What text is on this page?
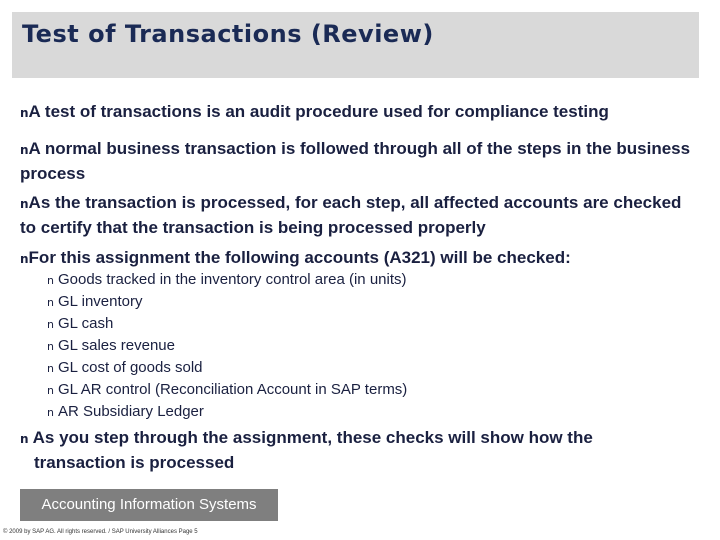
Test of Transactions (Review)
nA test of transactions is an audit procedure used for compliance testing
nA normal business transaction is followed through all of the steps in the business process
nAs the transaction is processed, for each step, all affected accounts are checked to certify that the transaction is being processed properly
nFor this assignment the following accounts (A321) will be checked:
n Goods tracked in the inventory control area (in units)
n GL inventory
n GL cash
n GL sales revenue
n GL cost of goods sold
n GL AR control (Reconciliation Account in SAP terms)
n AR Subsidiary Ledger
n As you step through the assignment, these checks will show how the transaction is processed
Accounting Information Systems
© 2009 by SAP AG. All rights reserved. / SAP University Alliances Page 5
